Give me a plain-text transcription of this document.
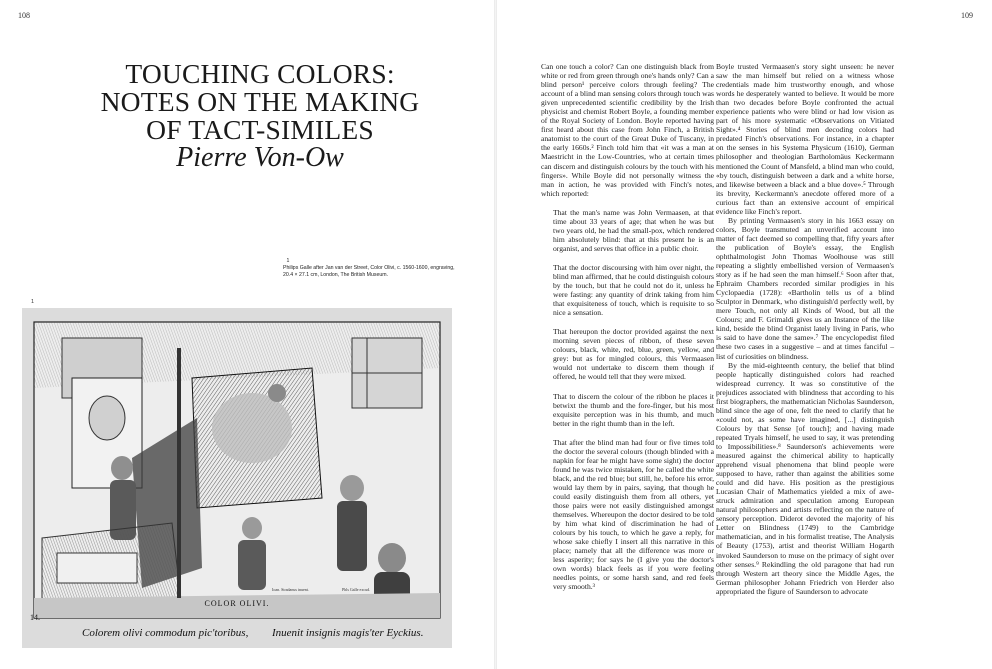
108
TOUCHING COLORS:
NOTES ON THE MAKING
OF TACT-SIMILES
Pierre Von-Ow
1
Philips Galle after Jan van der Street, Color Olivi, c. 1560-1600, engraving, 20.4 × 27.1 cm, London, The British Museum.
1
Ioan. Stradanus inuent.	Phls Galle excud.
COLOR OLIVI.
14.
Colorem olivi commodum pic'toribus, Inuenit insignis magis'ter Eyckius.
109

Can one touch a color? Can one distinguish black from white or red from green through one's hands only? Can a blind person¹ perceive colors through feeling? The account of a blind man sensing colors through touch was given unprecedented scientific credibility by the Irish physicist and chemist Robert Boyle, a founding member of the Royal Society of London. Boyle reported having first heard about this case from John Finch, a British anatomist to the court of the Great Duke of Tuscany, in the early 1660s.² Finch told him that «it was a man at Maestricht in the Low-Countries, who at certain times can discern and distinguish colours by the touch with his fingers». While Boyle did not personally witness the man in action, he was provided with Finch's notes, which reported:

That the man's name was John Vermaasen, at that time about 33 years of age; that when he was but two years old, he had the small-pox, which rendered him absolutely blind: that at this present he is an organist, and serves that office in a public choir.

That the doctor discoursing with him over night, the blind man affirmed, that he could distinguish colours by the touch, but that he could not do it, unless he were fasting: any quantity of drink taking from him that exquisiteness of touch, which is requisite to so nice a sensation.

That hereupon the doctor provided against the next morning seven pieces of ribbon, of these seven colours, black, white, red, blue, green, yellow, and grey: but as for mingled colours, this Vermaasen would not undertake to discern them though if offered, he would tell that they were mixed.

That to discern the colour of the ribbon he places it betwixt the thumb and the fore-finger, but his most exquisite perception was in his thumb, and much better in the right thumb than in the left.

That after the blind man had four or five times told the doctor the several colours (though blinded with a napkin for fear he might have some sight) the doctor found he was twice mistaken, for he called the white black, and the red blue; but still, he, before his error, would lay them by in pairs, saying, that though he could easily distinguish them from all others, yet those pairs were not easily distinguished amongst themselves. Whereupon the doctor desired to be told by him what kind of discrimination he had of colours by his touch, to which he gave a reply, for whose sake chiefly I insert all this narrative in this place; namely that all the difference was more or less asperity; for says he (I give you the doctor's own words) black feels as if you were feeling needles points, or some harsh sand, and red feels very smooth.³

Boyle trusted Vermaasen's story sight unseen: he never saw the man himself but relied on a witness whose credentials made him trustworthy enough, and whose words he desperately wanted to believe. It would be more than two decades before Boyle confronted the actual experience patients who were blind or had low vision as part of his more systematic «Observations on Vitiated Sight».⁴ Stories of blind men decoding colors had predated Finch's observations. For instance, in a chapter on the senses in his Systema Physicum (1610), German philosopher and theologian Bartholomäus Keckermann mentioned the Count of Mansfeld, a blind man who could, «by touch, distinguish between a dark and a white horse, and likewise between a black and a blue dove».⁵ Through its brevity, Keckermann's anecdote offered more of a curious fact than an extensive account of empirical evidence like Finch's report.

By printing Vermaasen's story in his 1663 essay on colors, Boyle transmuted an unverified account into matter of fact deemed so compelling that, fifty years after the publication of Boyle's essay, the English ophthalmologist John Thomas Woolhouse was still repeating a slightly embellished version of Vermaasen's story as if he had seen the man himself.⁶ Soon after that, Ephraim Chambers recorded similar prodigies in his Cyclopaedia (1728): «Bartholin tells us of a blind Sculptor in Denmark, who distinguish'd perfectly well, by mere Touch, not only all Kinds of Wood, but all the Colours; and F. Grimaldi gives us an Instance of the like kind, beside the blind Organist lately living in Paris, who is said to have done the same».⁷ The encyclopedist filed these two cases in a suggestive – and at times fanciful – list of curiosities on blindness.

By the mid-eighteenth century, the belief that blind people haptically distinguished colors had reached widespread currency. It was so constitutive of the prejudices associated with blindness that according to his first biographers, the mathematician Nicholas Saunderson, blind since the age of one, felt the need to clarify that he «could not, as some have imagined, [...] distinguish Colours by that Sense [of touch]; and having made repeated Tryals himself, he used to say, it was pretending to Impossibilities».⁸ Saunderson's achievements were measured against the chimerical ability to haptically apprehend visual phenomena that blind people were supposed to have, rather than against the abilities some could and did have. His position as the prestigious Lucasian Chair of Mathematics yielded a mix of awe-struck admiration and speculation among European natural philosophers and artists reflecting on the nature of sensory perception. Diderot devoted the majority of his Letter on Blindness (1749) to the Cambridge mathematician, and in his formalist treatise, The Analysis of Beauty (1753), artist and theorist William Hogarth invoked Saunderson to muse on the primacy of sight over other senses.⁹ Rekindling the old paragone that had run through Western art theory since the Middle Ages, the German philosopher Johann Friedrich von Herder also appropriated the figure of Saunderson to advocate
